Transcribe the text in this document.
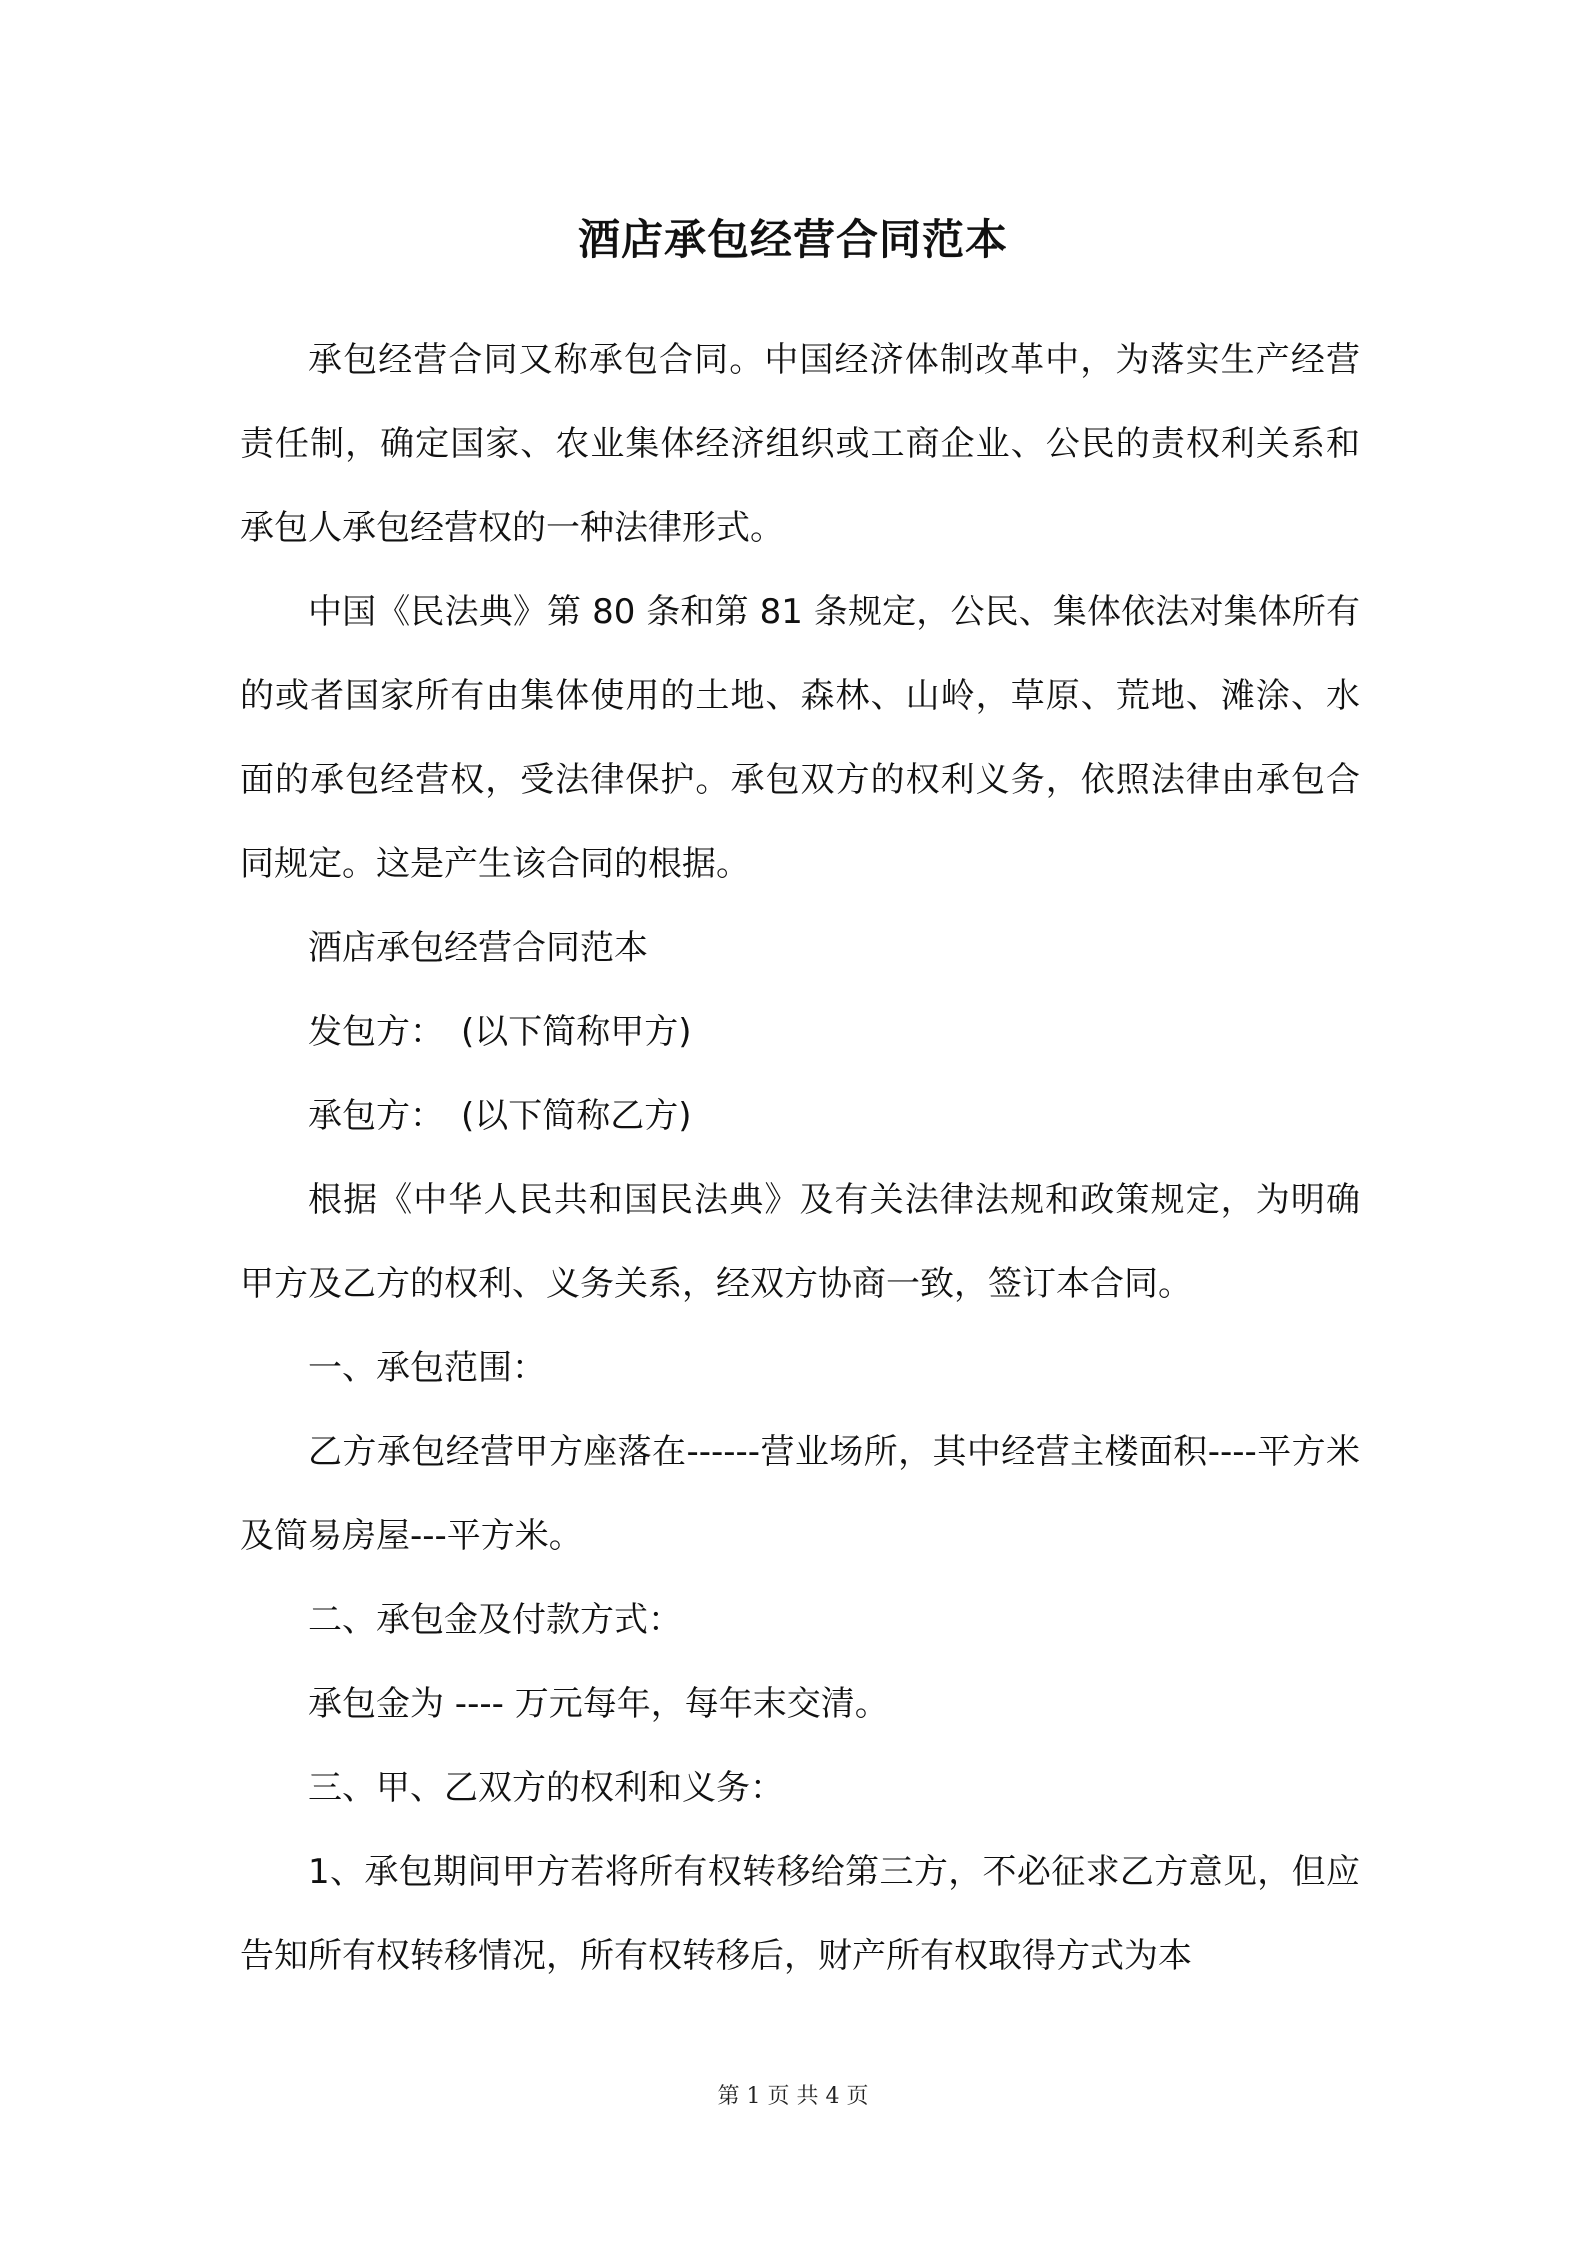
酒店承包经营合同范本

承包经营合同又称承包合同。中国经济体制改革中，为落实生产经营责任制，确定国家、农业集体经济组织或工商企业、公民的责权利关系和承包人承包经营权的一种法律形式。

中国《民法典》第 80 条和第 81 条规定，公民、集体依法对集体所有的或者国家所有由集体使用的土地、森林、山岭，草原、荒地、滩涂、水面的承包经营权，受法律保护。承包双方的权利义务，依照法律由承包合同规定。这是产生该合同的根据。

酒店承包经营合同范本

发包方：　(以下简称甲方)

承包方：　(以下简称乙方)

根据《中华人民共和国民法典》及有关法律法规和政策规定，为明确甲方及乙方的权利、义务关系，经双方协商一致，签订本合同。

一、承包范围：

乙方承包经营甲方座落在------营业场所，其中经营主楼面积----平方米及简易房屋---平方米。

二、承包金及付款方式：

承包金为 ---- 万元每年，每年末交清。

三、甲、乙双方的权利和义务：

1、承包期间甲方若将所有权转移给第三方，不必征求乙方意见，但应告知所有权转移情况，所有权转移后，财产所有权取得方式为本

第 1 页 共 4 页
